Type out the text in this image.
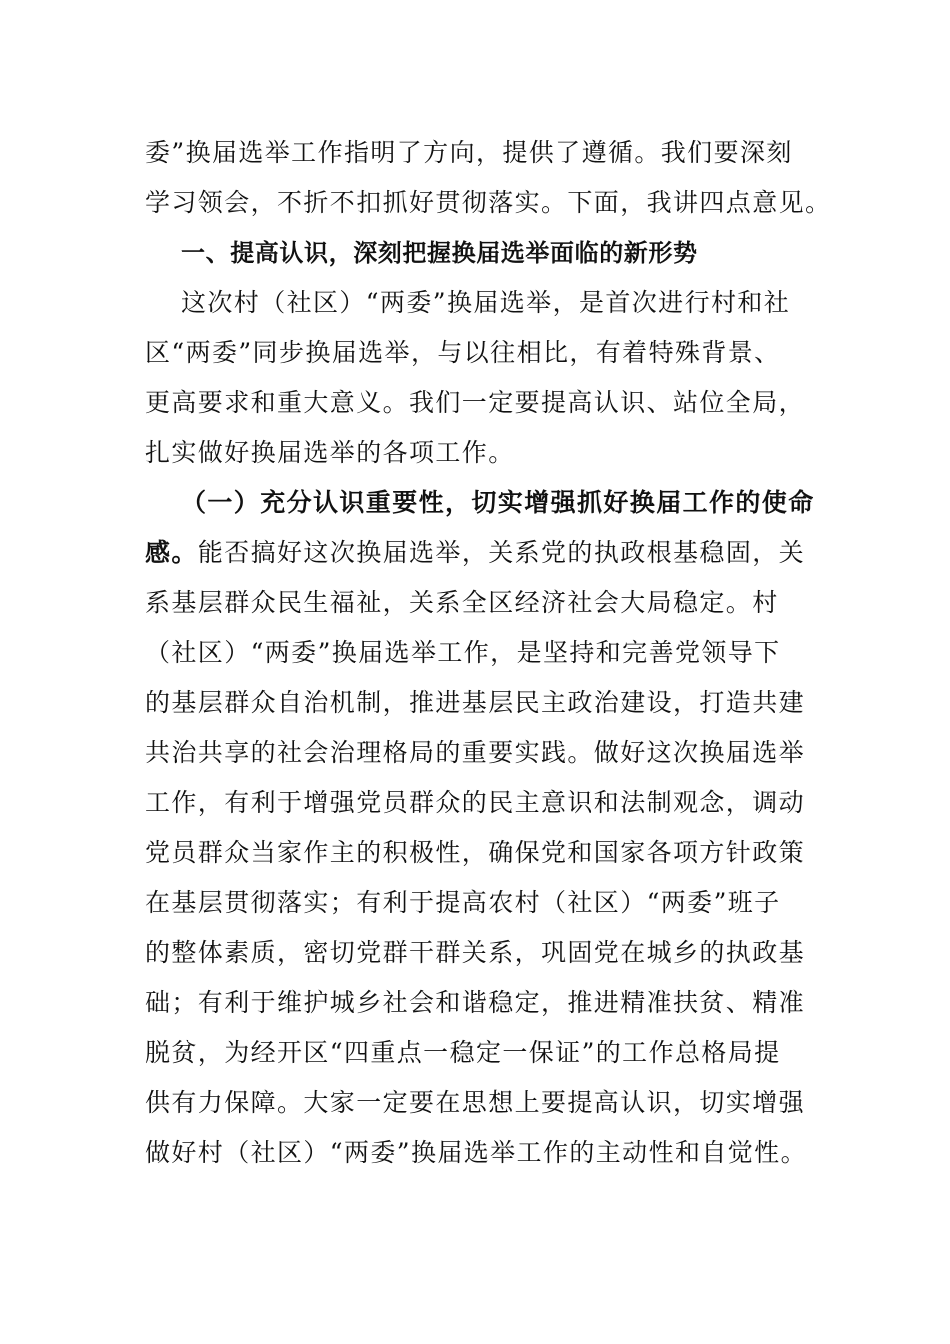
委”换届选举工作指明了方向，提供了遵循。我们要深刻
学习领会，不折不扣抓好贯彻落实。下面，我讲四点意见。
一、提高认识，深刻把握换届选举面临的新形势
这次村（社区）“两委”换届选举，是首次进行村和社
区“两委”同步换届选举，与以往相比，有着特殊背景、
更高要求和重大意义。我们一定要提高认识、站位全局，
扎实做好换届选举的各项工作。
（一）充分认识重要性，切实增强抓好换届工作的使命
感。能否搞好这次换届选举，关系党的执政根基稳固，关
系基层群众民生福祉，关系全区经济社会大局稳定。村
（社区）“两委”换届选举工作，是坚持和完善党领导下
的基层群众自治机制，推进基层民主政治建设，打造共建
共治共享的社会治理格局的重要实践。做好这次换届选举
工作，有利于增强党员群众的民主意识和法制观念，调动
党员群众当家作主的积极性，确保党和国家各项方针政策
在基层贯彻落实；有利于提高农村（社区）“两委”班子
的整体素质，密切党群干群关系，巩固党在城乡的执政基
础；有利于维护城乡社会和谐稳定，推进精准扶贫、精准
脱贫，为经开区“四重点一稳定一保证”的工作总格局提
供有力保障。大家一定要在思想上要提高认识，切实增强
做好村（社区）“两委”换届选举工作的主动性和自觉性。
